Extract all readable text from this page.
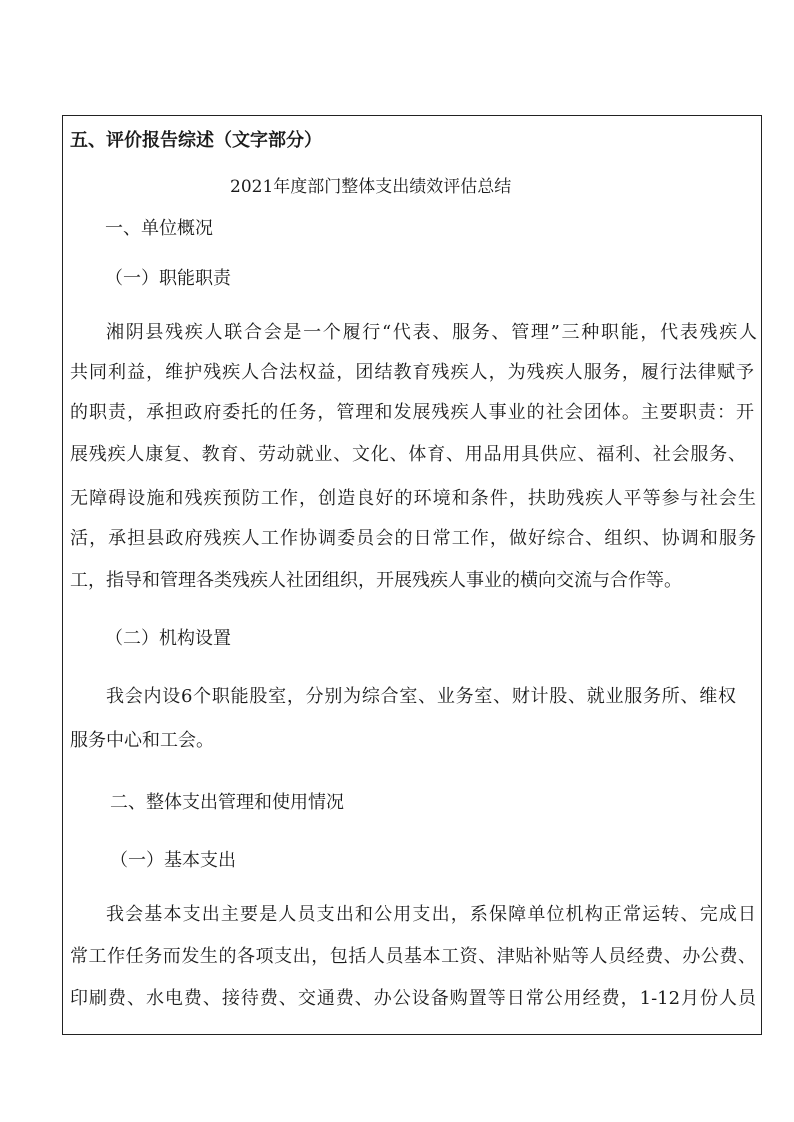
五、评价报告综述（文字部分）
2021年度部门整体支出绩效评估总结
一、单位概况
（一）职能职责
湘阴县残疾人联合会是一个履行“代表、服务、管理”三种职能，代表残疾人
共同利益，维护残疾人合法权益，团结教育残疾人，为残疾人服务，履行法律赋予
的职责，承担政府委托的任务，管理和发展残疾人事业的社会团体。主要职责：开
展残疾人康复、教育、劳动就业、文化、体育、用品用具供应、福利、社会服务、
无障碍设施和残疾预防工作，创造良好的环境和条件，扶助残疾人平等参与社会生
活，承担县政府残疾人工作协调委员会的日常工作，做好综合、组织、协调和服务
工，指导和管理各类残疾人社团组织，开展残疾人事业的横向交流与合作等。
（二）机构设置
我会内设6个职能股室，分别为综合室、业务室、财计股、就业服务所、维权
服务中心和工会。
二、整体支出管理和使用情况
（一）基本支出
我会基本支出主要是人员支出和公用支出，系保障单位机构正常运转、完成日
常工作任务而发生的各项支出，包括人员基本工资、津贴补贴等人员经费、办公费、
印刷费、水电费、接待费、交通费、办公设备购置等日常公用经费，1-12月份人员
